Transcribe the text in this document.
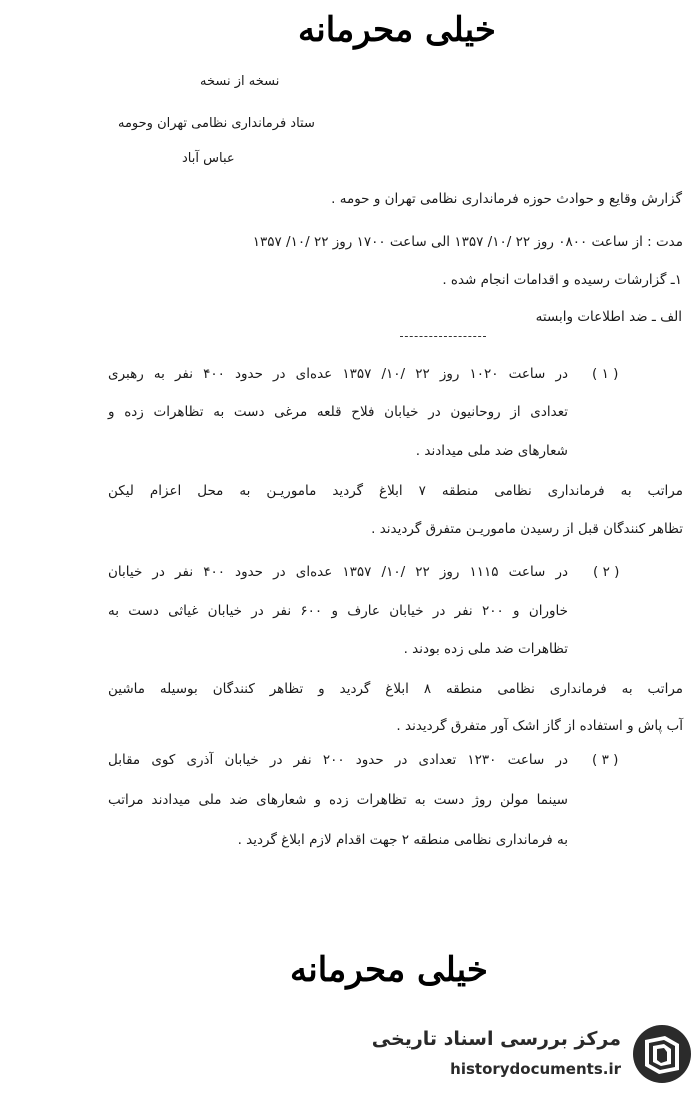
خیلی محرمانه
نسخه از نسخه
ستاد فرمانداری نظامی تهران وحومه
عباس آباد
گزارش وقایع و حوادث حوزه فرمانداری نظامی تهران و حومه .
مدت : از ساعت ۰۸۰۰ روز ۲۲ /۱۰/ ۱۳۵۷ الی ساعت ۱۷۰۰ روز ۲۲ /۱۰/ ۱۳۵۷
۱ـ گزارشات رسیده و اقدامات انجام شده .
الف ـ ضد اطلاعات وابسته
( ۱ )
در ساعت ۱۰۲۰ روز ۲۲ /۱۰/ ۱۳۵۷ عده‌ای در حدود ۴۰۰ نفر به رهبری
تعدادی از روحانیون در خیابان فلاح قلعه مرغی دست به تظاهرات زده و
شعارهای ضد ملی میدادند .
مراتب به فرمانداری نظامی منطقه ۷ ابلاغ گردید ماموریـن به محل اعزام لیکن
تظاهر کنندگان قبل از رسیدن ماموریـن متفرق گردیدند .
( ۲ )
در ساعت ۱۱۱۵ روز ۲۲ /۱۰/ ۱۳۵۷ عده‌ای در حدود ۴۰۰ نفر در خیابان
خاوران و ۲۰۰ نفر در خیابان عارف و ۶۰۰ نفر در خیابان غیاثی دست به
تظاهرات ضد ملی زده بودند .
مراتب به فرمانداری نظامی منطقه ۸ ابلاغ گردید و تظاهر کنندگان بوسیله ماشین
آب پاش و استفاده از گاز اشک آور متفرق گردیدند .
( ۳ )
در ساعت ۱۲۳۰ تعدادی در حدود ۲۰۰ نفر در خیابان آذری کوی مقابل
سینما مولن روژ دست به تظاهرات زده و شعارهای ضد ملی میدادند مراتب
به فرمانداری نظامی منطقه ۲ جهت اقدام لازم ابلاغ گردید .
خیلی محرمانه
مرکز بررسی اسناد تاریخی
historydocuments.ir
